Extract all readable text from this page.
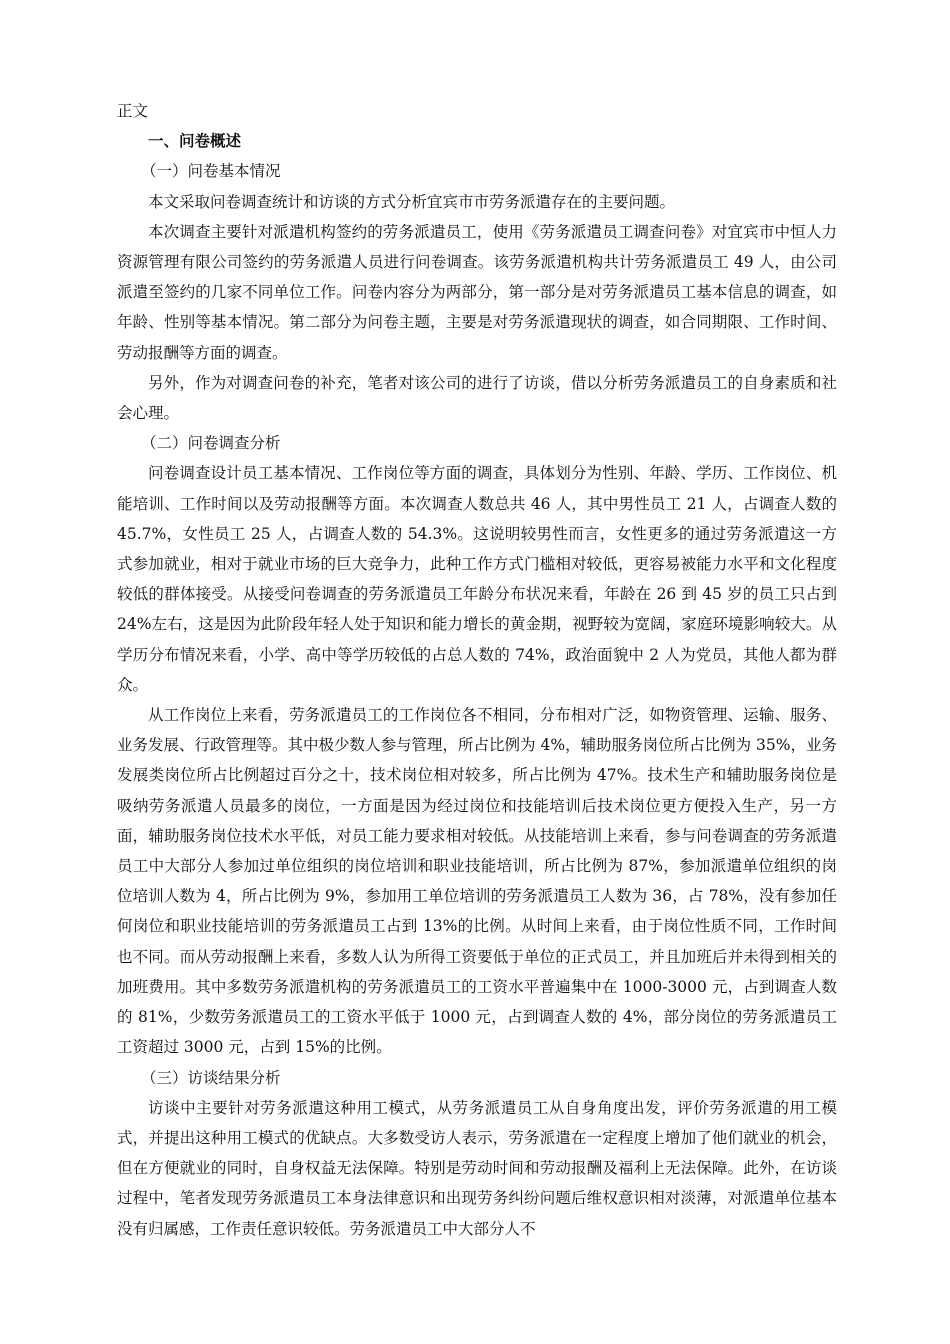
正文

一、问卷概述

（一）问卷基本情况

本文采取问卷调查统计和访谈的方式分析宜宾市市劳务派遣存在的主要问题。

本次调查主要针对派遣机构签约的劳务派遣员工，使用《劳务派遣员工调查问卷》对宜宾市中恒人力资源管理有限公司签约的劳务派遣人员进行问卷调查。该劳务派遣机构共计劳务派遣员工 49 人，由公司派遣至签约的几家不同单位工作。问卷内容分为两部分，第一部分是对劳务派遣员工基本信息的调查，如年龄、性别等基本情况。第二部分为问卷主题，主要是对劳务派遣现状的调查，如合同期限、工作时间、劳动报酬等方面的调查。

另外，作为对调查问卷的补充，笔者对该公司的进行了访谈，借以分析劳务派遣员工的自身素质和社会心理。

（二）问卷调查分析

问卷调查设计员工基本情况、工作岗位等方面的调查，具体划分为性别、年龄、学历、工作岗位、机能培训、工作时间以及劳动报酬等方面。本次调查人数总共 46 人，其中男性员工 21 人，占调查人数的 45.7%，女性员工 25 人，占调查人数的 54.3%。这说明较男性而言，女性更多的通过劳务派遣这一方式参加就业，相对于就业市场的巨大竞争力，此种工作方式门槛相对较低，更容易被能力水平和文化程度较低的群体接受。从接受问卷调查的劳务派遣员工年龄分布状况来看，年龄在 26 到 45 岁的员工只占到 24%左右，这是因为此阶段年轻人处于知识和能力增长的黄金期，视野较为宽阔，家庭环境影响较大。从学历分布情况来看，小学、高中等学历较低的占总人数的 74%，政治面貌中 2 人为党员，其他人都为群众。

从工作岗位上来看，劳务派遣员工的工作岗位各不相同，分布相对广泛，如物资管理、运输、服务、业务发展、行政管理等。其中极少数人参与管理，所占比例为 4%，辅助服务岗位所占比例为 35%，业务发展类岗位所占比例超过百分之十，技术岗位相对较多，所占比例为 47%。技术生产和辅助服务岗位是吸纳劳务派遣人员最多的岗位，一方面是因为经过岗位和技能培训后技术岗位更方便投入生产，另一方面，辅助服务岗位技术水平低，对员工能力要求相对较低。从技能培训上来看，参与问卷调查的劳务派遣员工中大部分人参加过单位组织的岗位培训和职业技能培训，所占比例为 87%，参加派遣单位组织的岗位培训人数为 4，所占比例为 9%，参加用工单位培训的劳务派遣员工人数为 36，占 78%，没有参加任何岗位和职业技能培训的劳务派遣员工占到 13%的比例。从时间上来看，由于岗位性质不同，工作时间也不同。而从劳动报酬上来看，多数人认为所得工资要低于单位的正式员工，并且加班后并未得到相关的加班费用。其中多数劳务派遣机构的劳务派遣员工的工资水平普遍集中在 1000-3000 元，占到调查人数的 81%，少数劳务派遣员工的工资水平低于 1000 元，占到调查人数的 4%，部分岗位的劳务派遣员工工资超过 3000 元，占到 15%的比例。

（三）访谈结果分析

访谈中主要针对劳务派遣这种用工模式，从劳务派遣员工从自身角度出发，评价劳务派遣的用工模式，并提出这种用工模式的优缺点。大多数受访人表示，劳务派遣在一定程度上增加了他们就业的机会，但在方便就业的同时，自身权益无法保障。特别是劳动时间和劳动报酬及福利上无法保障。此外，在访谈过程中，笔者发现劳务派遣员工本身法律意识和出现劳务纠纷问题后维权意识相对淡薄，对派遣单位基本没有归属感，工作责任意识较低。劳务派遣员工中大部分人不
